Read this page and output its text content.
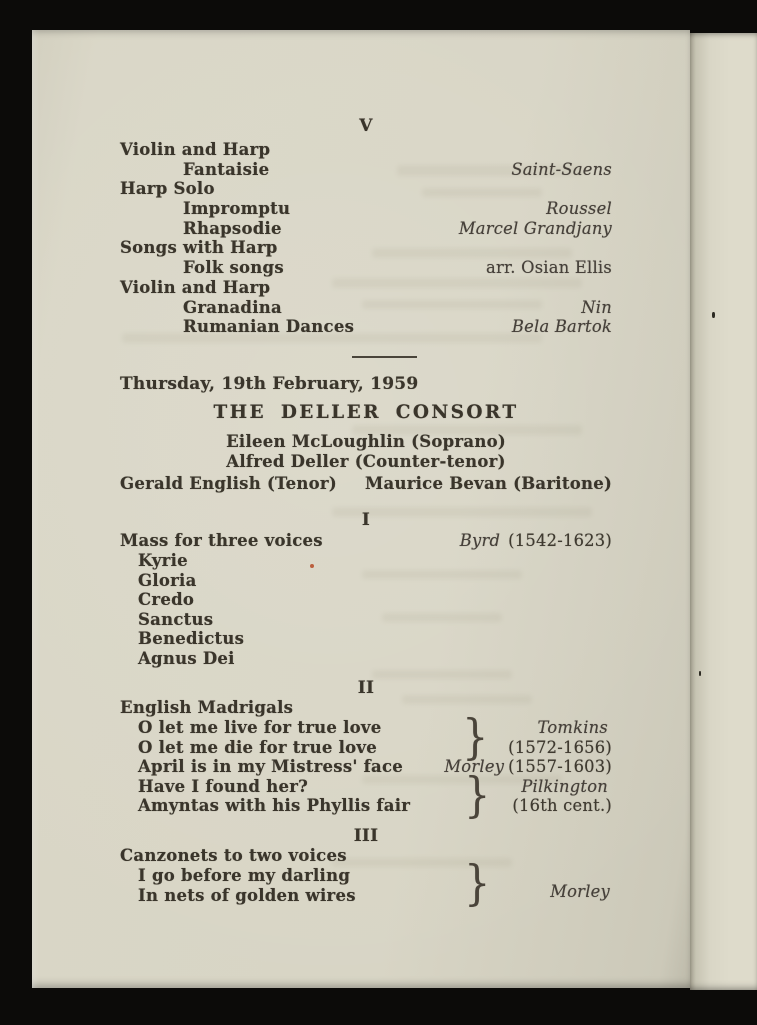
V
Violin and Harp
Fantaisie	Saint-Saens
Harp Solo
Impromptu	Roussel
Rhapsodie	Marcel Grandjany
Songs with Harp
Folk songs	arr. Osian Ellis
Violin and Harp
Granadina	Nin
Rumanian Dances	Bela Bartok
Thursday, 19th February, 1959
THE DELLER CONSORT
Eileen McLoughlin (Soprano)
Alfred Deller (Counter-tenor)
Gerald English (Tenor) Maurice Bevan (Baritone)
I
Mass for three voices	Byrd (1542-1623)
Kyrie
Gloria
Credo
Sanctus
Benedictus
Agnus Dei
II
English Madrigals
O let me live for true love	Tomkins
O let me die for true love	(1572-1656)
April is in my Mistress' face	Morley (1557-1603)
Have I found her?	Pilkington
Amyntas with his Phyllis fair	(16th cent.)
}
}
III
Canzonets to two voices
I go before my darling
In nets of golden wires	}	Morley
